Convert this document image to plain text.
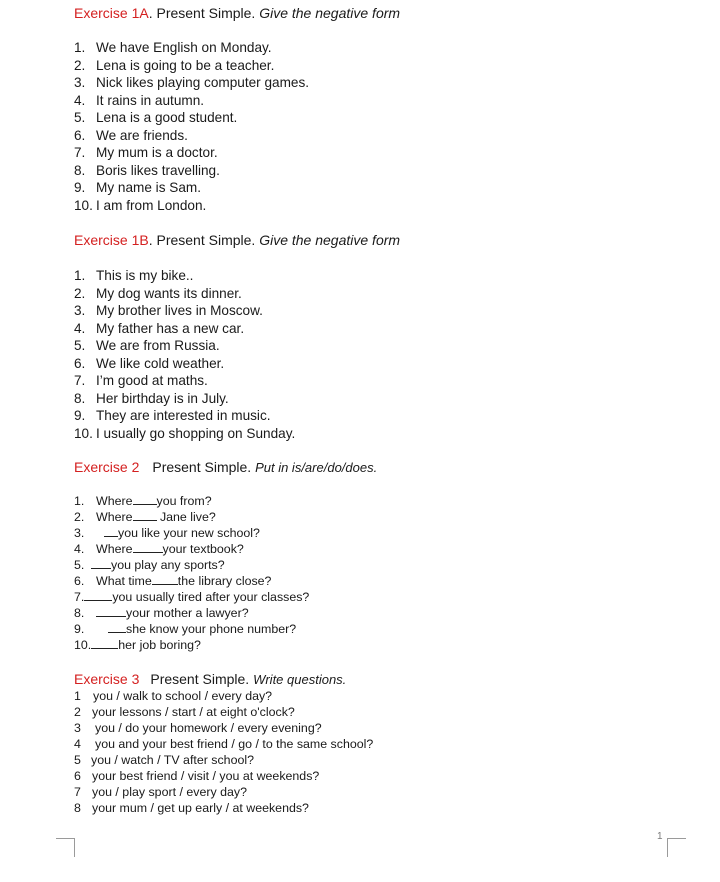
Exercise 1A. Present Simple. Give the negative form
1. We have English on Monday.
2. Lena is going to be a teacher.
3. Nick likes playing computer games.
4. It rains in autumn.
5. Lena is a good student.
6. We are friends.
7. My mum is a doctor.
8. Boris likes travelling.
9. My name is Sam.
10. I am from London.
Exercise 1B. Present Simple. Give the negative form
1. This is my bike..
2. My dog wants its dinner.
3. My brother lives in Moscow.
4. My father has a new car.
5. We are from Russia.
6. We like cold weather.
7. I’m good at maths.
8. Her birthday is in July.
9. They are interested in music.
10. I usually go shopping on Sunday.
Exercise 2 Present Simple. Put in is/are/do/does.
1. Where you from?
2. Where Jane live?
3.	you like your new school?
4. Where your textbook?
5. you play any sports?
6. What time the library close?
7. you usually tired after your classes?
8.	your mother a lawyer?
9.	she know your phone number?
10. her job boring?
Exercise 3 Present Simple. Write questions.
1 you / walk to school / every day?
2 your lessons / start / at eight o'clock?
3 you / do your homework / every evening?
4 you and your best friend / go / to the same school?
5 you / watch / TV after school?
6 your best friend / visit / you at weekends?
7 you / play sport / every day?
8 your mum / get up early / at weekends?
1
